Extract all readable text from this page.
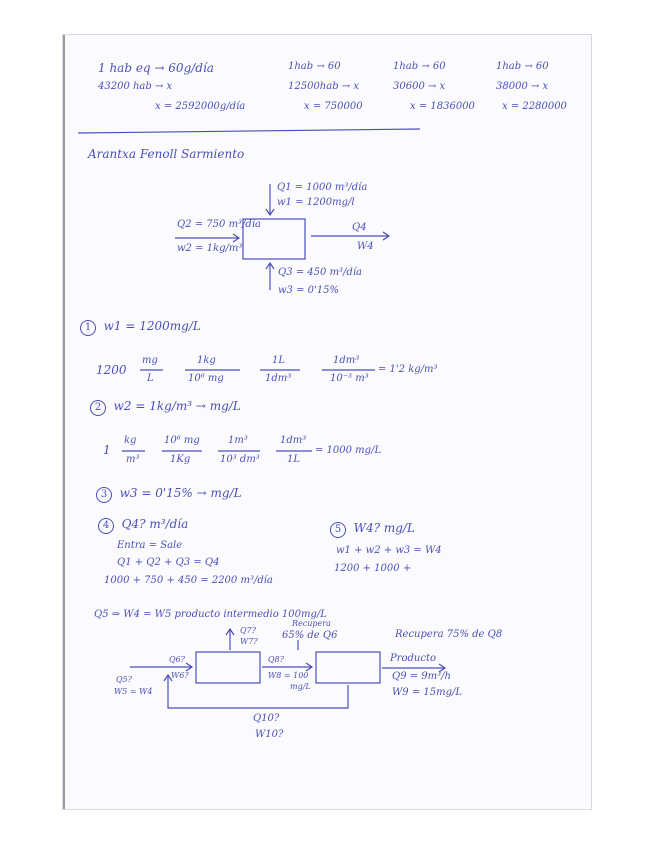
1 hab eq → 60g/día
43200 hab → x
x = 2592000g/día
1hab → 60
12500hab → x
x = 750000
1hab → 60
30600 → x
x = 1836000
1hab → 60
38000 → x
x = 2280000
Arantxa Fenoll Sarmiento
Q1 = 1000 m³/día
w1 = 1200mg/l
Q2 = 750 m³/día
w2 = 1kg/m³
Q4
W4
Q3 = 450 m³/día
w3 = 0'15%
1 w1 = 1200mg/L
1200
mg
L
1kg
10⁶ mg
1L
1dm³
1dm³
10⁻³ m³
= 1'2 kg/m³
2 w2 = 1kg/m³ → mg/L
1
kg
m³
10⁶ mg
1Kg
1m³
10³ dm³
1dm³
1L
= 1000 mg/L
3 w3 = 0'15% → mg/L
4 Q4? m³/día
Entra = Sale
Q1 + Q2 + Q3 = Q4
1000 + 750 + 450 = 2200 m³/día
5 W4? mg/L
w1 + w2 + w3 = W4
1200 + 1000 +
Q5 ⇒ W4 = W5 producto intermedio 100mg/L
Recupera
65% de Q6	Recupera 75% de Q8
Q7?
W7?
Q6?
W6?
Q8?
W8 = 100
mg/L
Q5?
W5 = W4
Producto
Q9 = 9m³/h
W9 = 15mg/L
Q10?
W10?
